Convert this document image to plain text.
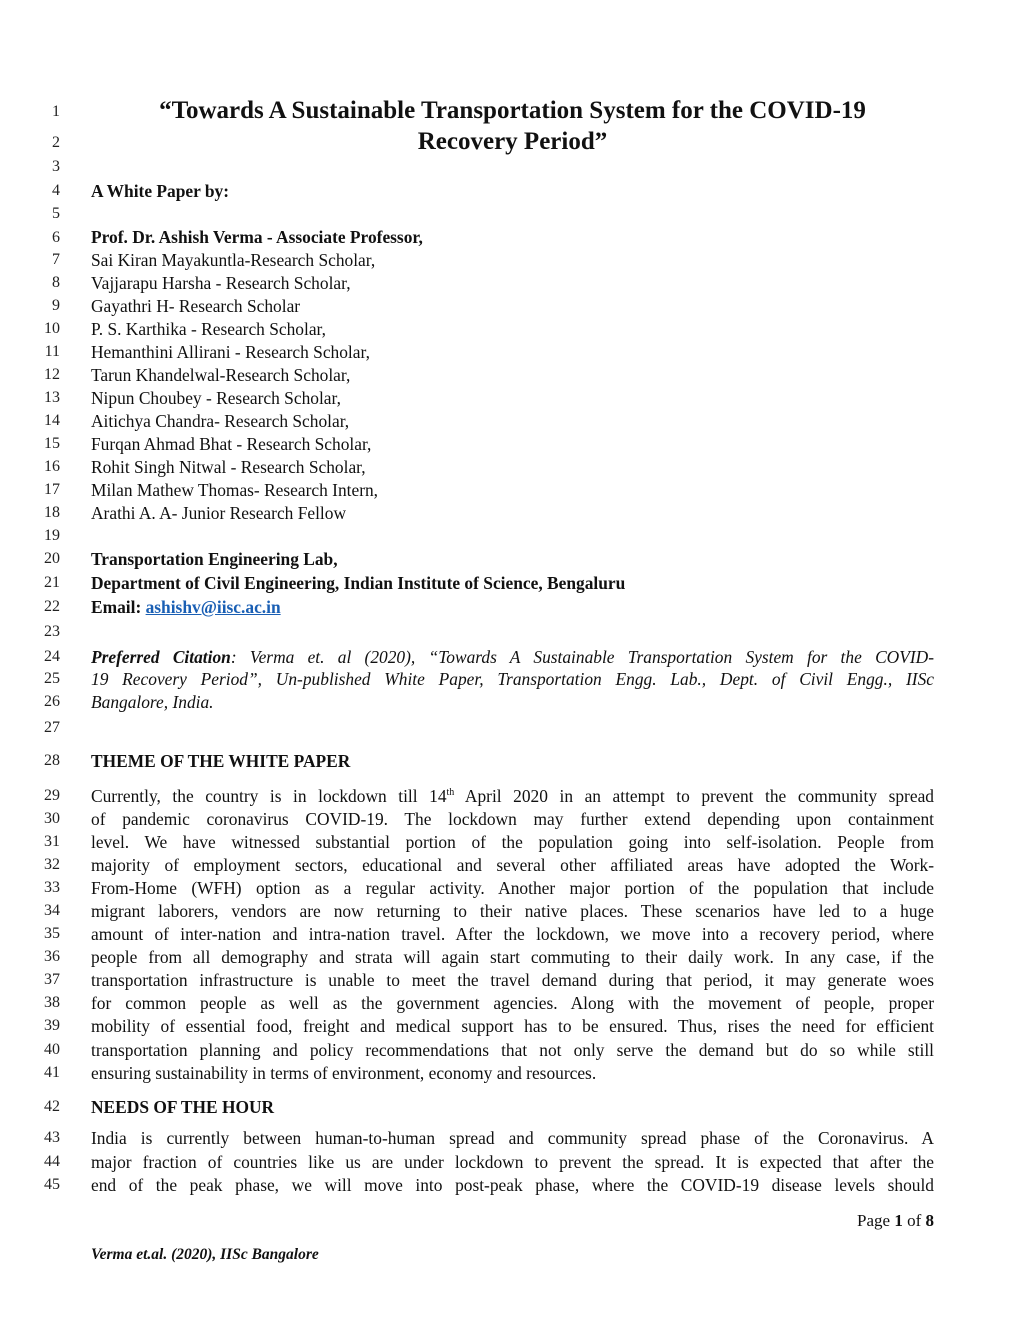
1
2
3
4
5
6
7
8
9
10
11
12
13
14
15
16
17
18
19
20
21
22
23
24
25
26
27
28
29
30
31
32
33
34
35
36
37
38
39
40
41
42
43
44
45
“Towards A Sustainable Transportation System for the COVID-19
Recovery Period”
A White Paper by:
Prof. Dr. Ashish Verma - Associate Professor,
Sai Kiran Mayakuntla-Research Scholar,
Vajjarapu Harsha - Research Scholar,
Gayathri H- Research Scholar
P. S. Karthika - Research Scholar,
Hemanthini Allirani - Research Scholar,
Tarun Khandelwal-Research Scholar,
Nipun Choubey - Research Scholar,
Aitichya Chandra- Research Scholar,
Furqan Ahmad Bhat - Research Scholar,
Rohit Singh Nitwal - Research Scholar,
Milan Mathew Thomas- Research Intern,
Arathi A. A- Junior Research Fellow
Transportation Engineering Lab,
Department of Civil Engineering, Indian Institute of Science, Bengaluru
Email: ashishv@iisc.ac.in
Preferred Citation: Verma et. al (2020), “Towards A Sustainable Transportation System for the COVID-
19 Recovery Period”, Un-published White Paper, Transportation Engg. Lab., Dept. of Civil Engg., IISc
Bangalore, India.
THEME OF THE WHITE PAPER
Currently, the country is in lockdown till 14th April 2020 in an attempt to prevent the community spread
of pandemic coronavirus COVID-19. The lockdown may further extend depending upon containment
level. We have witnessed substantial portion of the population going into self-isolation. People from
majority of employment sectors, educational and several other affiliated areas have adopted the Work-
From-Home (WFH) option as a regular activity. Another major portion of the population that include
migrant laborers, vendors are now returning to their native places. These scenarios have led to a huge
amount of inter-nation and intra-nation travel. After the lockdown, we move into a recovery period, where
people from all demography and strata will again start commuting to their daily work. In any case, if the
transportation infrastructure is unable to meet the travel demand during that period, it may generate woes
for common people as well as the government agencies. Along with the movement of people, proper
mobility of essential food, freight and medical support has to be ensured. Thus, rises the need for efficient
transportation planning and policy recommendations that not only serve the demand but do so while still
ensuring sustainability in terms of environment, economy and resources.
NEEDS OF THE HOUR
India is currently between human-to-human spread and community spread phase of the Coronavirus. A
major fraction of countries like us are under lockdown to prevent the spread. It is expected that after the
end of the peak phase, we will move into post-peak phase, where the COVID-19 disease levels should
Page 1 of 8
Verma et.al. (2020), IISc Bangalore
